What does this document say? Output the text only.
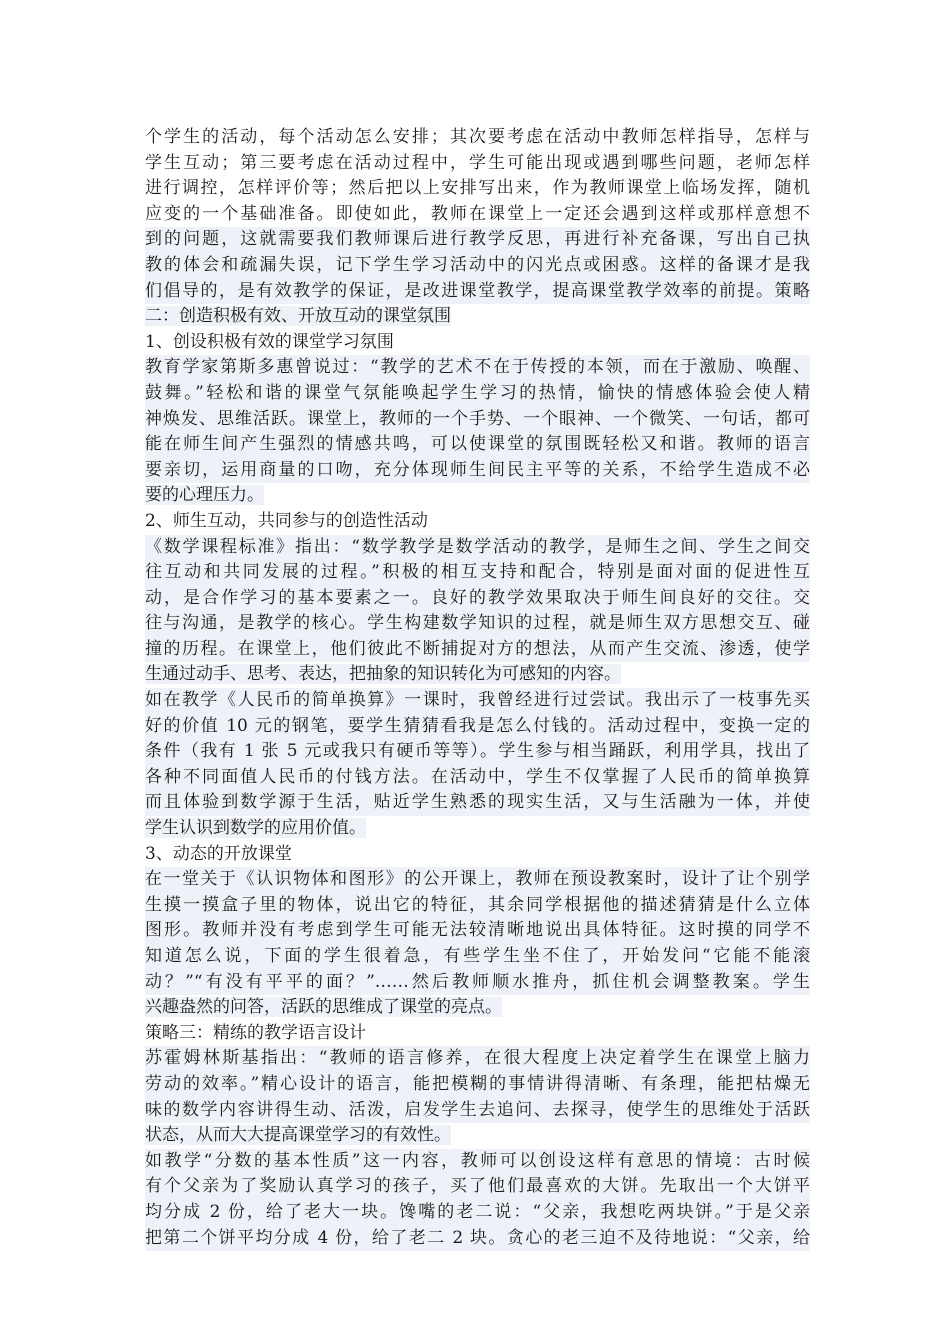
个学生的活动，每个活动怎么安排；其次要考虑在活动中教师怎样指导，怎样与
学生互动；第三要考虑在活动过程中，学生可能出现或遇到哪些问题，老师怎样
进行调控，怎样评价等；然后把以上安排写出来，作为教师课堂上临场发挥，随机
应变的一个基础准备。即使如此，教师在课堂上一定还会遇到这样或那样意想不
到的问题，这就需要我们教师课后进行教学反思，再进行补充备课，写出自己执
教的体会和疏漏失误，记下学生学习活动中的闪光点或困惑。这样的备课才是我
们倡导的，是有效教学的保证，是改进课堂教学，提高课堂教学效率的前提。策略
二：创造积极有效、开放互动的课堂氛围
1、创设积极有效的课堂学习氛围
教育学家第斯多惠曾说过：“教学的艺术不在于传授的本领，而在于激励、唤醒、
鼓舞。”轻松和谐的课堂气氛能唤起学生学习的热情，愉快的情感体验会使人精
神焕发、思维活跃。课堂上，教师的一个手势、一个眼神、一个微笑、一句话，都可
能在师生间产生强烈的情感共鸣，可以使课堂的氛围既轻松又和谐。教师的语言
要亲切，运用商量的口吻，充分体现师生间民主平等的关系，不给学生造成不必
要的心理压力。
2、师生互动，共同参与的创造性活动
《数学课程标准》指出：“数学教学是数学活动的教学，是师生之间、学生之间交
往互动和共同发展的过程。”积极的相互支持和配合，特别是面对面的促进性互
动，是合作学习的基本要素之一。良好的教学效果取决于师生间良好的交往。交
往与沟通，是教学的核心。学生构建数学知识的过程，就是师生双方思想交互、碰
撞的历程。在课堂上，他们彼此不断捕捉对方的想法，从而产生交流、渗透，使学
生通过动手、思考、表达，把抽象的知识转化为可感知的内容。
如在教学《人民币的简单换算》一课时，我曾经进行过尝试。我出示了一枝事先买
好的价值 10 元的钢笔，要学生猜猜看我是怎么付钱的。活动过程中，变换一定的
条件（我有 1 张 5 元或我只有硬币等等）。学生参与相当踊跃，利用学具，找出了
各种不同面值人民币的付钱方法。在活动中，学生不仅掌握了人民币的简单换算
而且体验到数学源于生活，贴近学生熟悉的现实生活，又与生活融为一体，并使
学生认识到数学的应用价值。
3、动态的开放课堂
在一堂关于《认识物体和图形》的公开课上，教师在预设教案时，设计了让个别学
生摸一摸盒子里的物体，说出它的特征，其余同学根据他的描述猜猜是什么立体
图形。教师并没有考虑到学生可能无法较清晰地说出具体特征。这时摸的同学不
知道怎么说，下面的学生很着急，有些学生坐不住了，开始发问“它能不能滚
动？”“有没有平平的面？”……然后教师顺水推舟，抓住机会调整教案。学生
兴趣盎然的问答，活跃的思维成了课堂的亮点。
策略三：精练的教学语言设计
苏霍姆林斯基指出：“教师的语言修养，在很大程度上决定着学生在课堂上脑力
劳动的效率。”精心设计的语言，能把模糊的事情讲得清晰、有条理，能把枯燥无
味的数学内容讲得生动、活泼，启发学生去追问、去探寻，使学生的思维处于活跃
状态，从而大大提高课堂学习的有效性。
如教学“分数的基本性质”这一内容，教师可以创设这样有意思的情境：古时候
有个父亲为了奖励认真学习的孩子，买了他们最喜欢的大饼。先取出一个大饼平
均分成 2 份，给了老大一块。馋嘴的老二说：“父亲，我想吃两块饼。”于是父亲
把第二个饼平均分成 4 份，给了老二 2 块。贪心的老三迫不及待地说：“父亲，给
